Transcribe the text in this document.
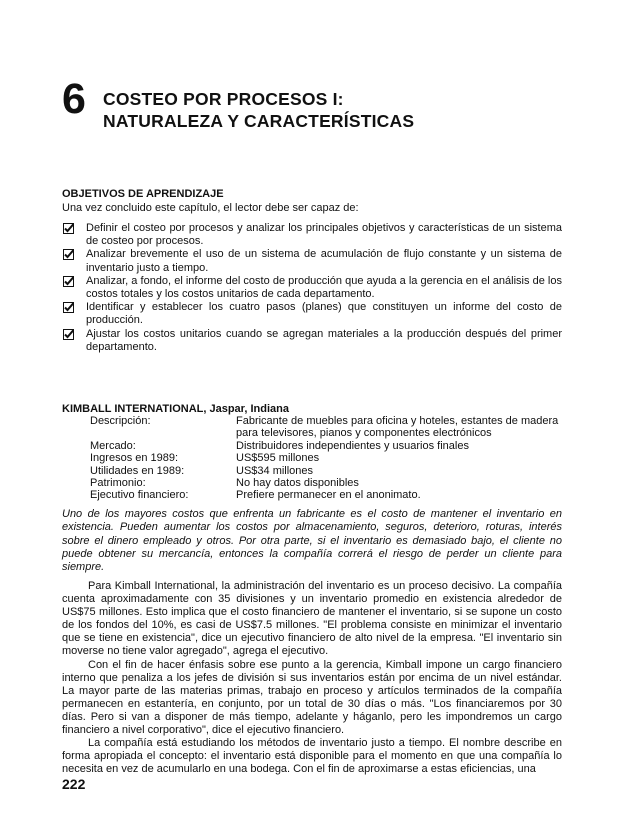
6 COSTEO POR PROCESOS I:
NATURALEZA Y CARACTERÍSTICAS
OBJETIVOS DE APRENDIZAJE
Una vez concluido este capítulo, el lector debe ser capaz de:
Definir el costeo por procesos y analizar los principales objetivos y características de un sistema de costeo por procesos.
Analizar brevemente el uso de un sistema de acumulación de flujo constante y un sistema de inventario justo a tiempo.
Analizar, a fondo, el informe del costo de producción que ayuda a la gerencia en el análisis de los costos totales y los costos unitarios de cada departamento.
Identificar y establecer los cuatro pasos (planes) que constituyen un informe del costo de producción.
Ajustar los costos unitarios cuando se agregan materiales a la producción después del primer departamento.
KIMBALL INTERNATIONAL, Jaspar, Indiana
Descripción:	Fabricante de muebles para oficina y hoteles, estantes de madera para televisores, pianos y componentes electrónicos
Mercado:	Distribuidores independientes y usuarios finales
Ingresos en 1989:	US$595 millones
Utilidades en 1989:	US$34 millones
Patrimonio:	No hay datos disponibles
Ejecutivo financiero:	Prefiere permanecer en el anonimato.
Uno de los mayores costos que enfrenta un fabricante es el costo de mantener el inventario en existencia. Pueden aumentar los costos por almacenamiento, seguros, deterioro, roturas, interés sobre el dinero empleado y otros. Por otra parte, si el inventario es demasiado bajo, el cliente no puede obtener su mercancía, entonces la compañía correrá el riesgo de perder un cliente para siempre.

Para Kimball International, la administración del inventario es un proceso decisivo. La compañía cuenta aproximadamente con 35 divisiones y un inventario promedio en existencia alrededor de US$75 millones. Esto implica que el costo financiero de mantener el inventario, si se supone un costo de los fondos del 10%, es casi de US$7.5 millones. "El problema consiste en minimizar el inventario que se tiene en existencia", dice un ejecutivo financiero de alto nivel de la empresa. "El inventario sin moverse no tiene valor agregado", agrega el ejecutivo.

Con el fin de hacer énfasis sobre ese punto a la gerencia, Kimball impone un cargo financiero interno que penaliza a los jefes de división si sus inventarios están por encima de un nivel estándar. La mayor parte de las materias primas, trabajo en proceso y artículos terminados de la compañía permanecen en estantería, en conjunto, por un total de 30 días o más. "Los financiaremos por 30 días. Pero si van a disponer de más tiempo, adelante y háganlo, pero les impondremos un cargo financiero a nivel corporativo", dice el ejecutivo financiero.

La compañía está estudiando los métodos de inventario justo a tiempo. El nombre describe en forma apropiada el concepto: el inventario está disponible para el momento en que una compañía lo necesita en vez de acumularlo en una bodega. Con el fin de aproximarse a estas eficiencias, una

222
